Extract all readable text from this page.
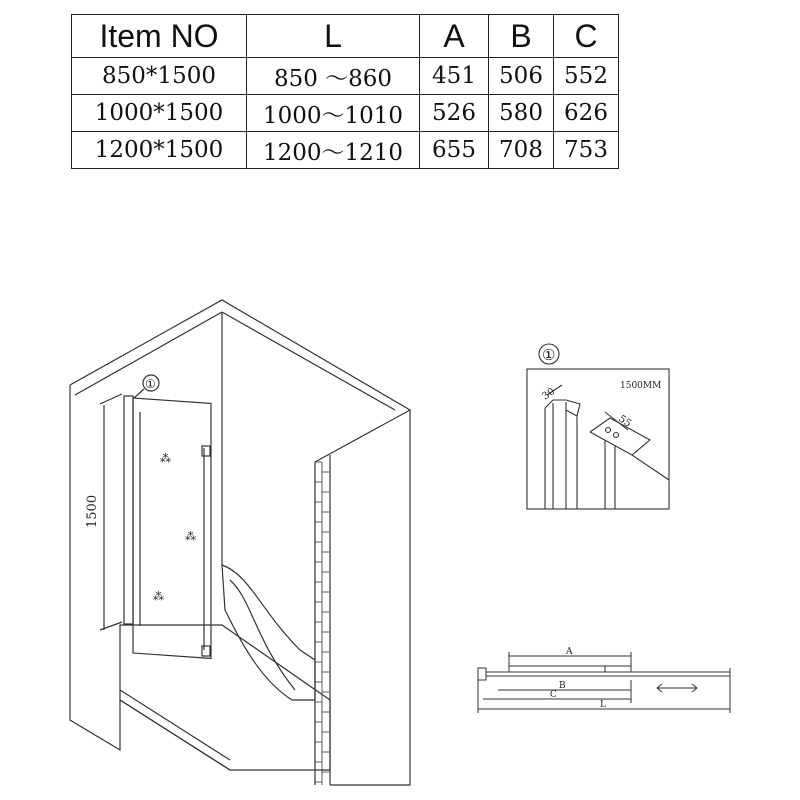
Item NO	L	A	B	C
850*1500	850 ～860	451	506	552
1000*1500	1000～1010	526	580	626
1200*1500	1200～1210	655	708	753
⁂
⁂
⁂
1500
①
①
1500MM
30
55
A
B
C
L
